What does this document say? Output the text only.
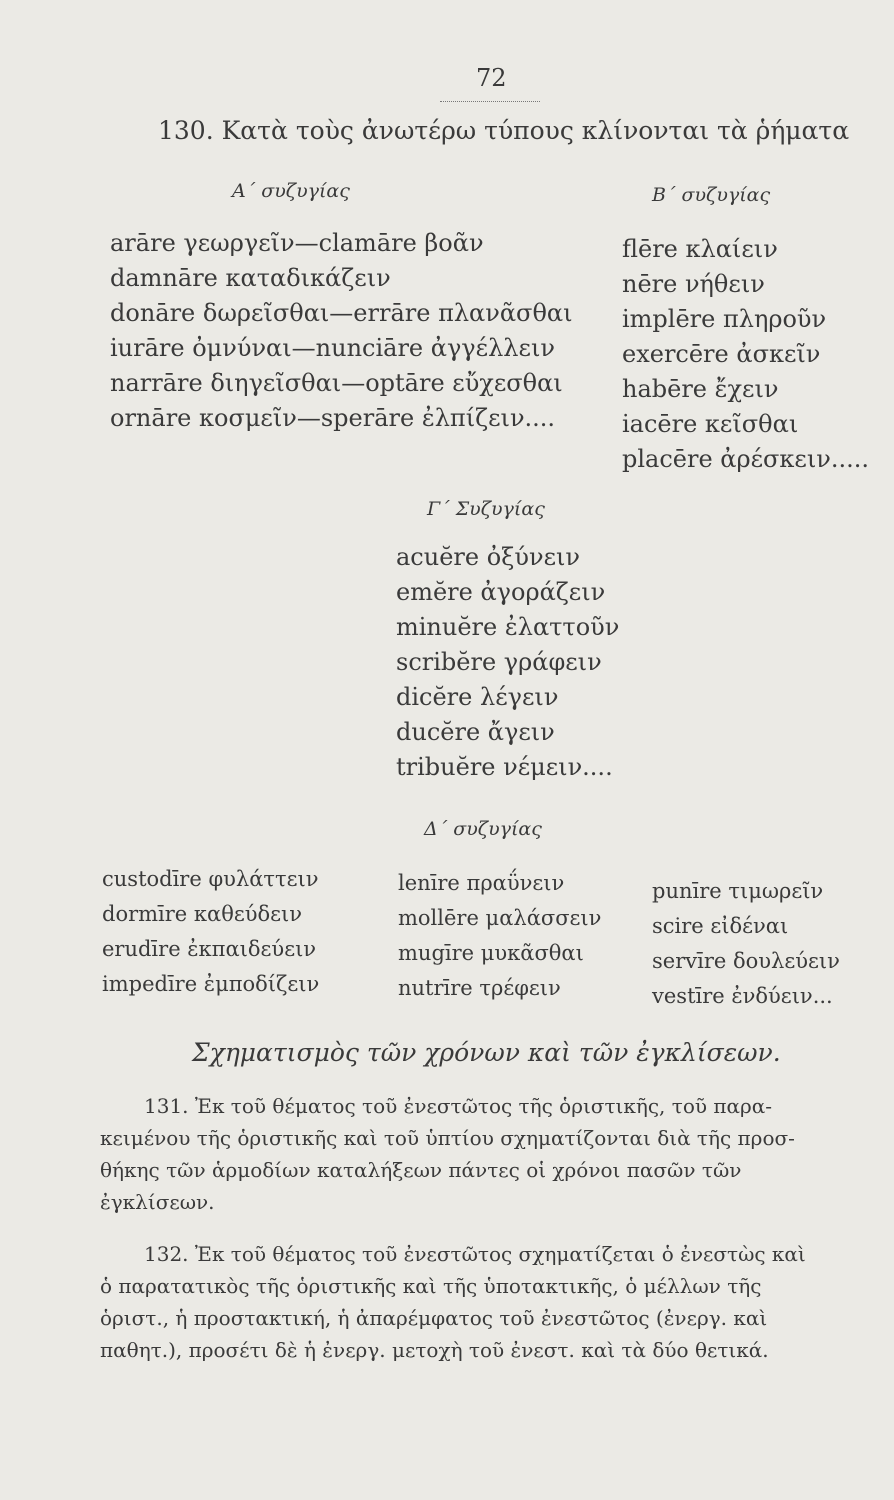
72
130. Κατὰ τοὺς ἀνωτέρω τύπους κλίνονται τὰ ῥήματα
Α΄ συζυγίας
arāre γεωργεῖν—clamāre βοᾶν
damnāre καταδικάζειν
donāre δωρεῖσθαι—errāre πλανᾶσθαι
iurāre ὀμνύναι—nunciāre ἀγγέλλειν
narrāre διηγεῖσθαι—optāre εὔχεσθαι
ornāre κοσμεῖν—sperāre ἐλπίζειν....
Β΄ συζυγίας
flēre κλαίειν
nēre νήθειν
implēre πληροῦν
exercēre ἀσκεῖν
habēre ἔχειν
iacēre κεῖσθαι
placēre ἀρέσκειν.....
Γ΄ Συζυγίας
acuĕre ὀξύνειν
emĕre ἀγοράζειν
minuĕre ἐλαττοῦν
scribĕre γράφειν
dicĕre λέγειν
ducĕre ἄγειν
tribuĕre νέμειν....
Δ΄ συζυγίας
custodīre φυλάττειν
dormīre καθεύδειν
erudīre ἐκπαιδεύειν
impedīre ἐμποδίζειν
lenīre πραΰνειν
mollēre μαλάσσειν
mugīre μυκᾶσθαι
nutrīre τρέφειν
punīre τιμωρεῖν
scire εἰδέναι
servīre δουλεύειν
vestīre ἐνδύειν...
Σχηματισμὸς τῶν χρόνων καὶ τῶν ἐγκλίσεων.
131. Ἐκ τοῦ θέματος τοῦ ἐνεστῶτος τῆς ὁριστικῆς, τοῦ παρα-
κειμένου τῆς ὁριστικῆς καὶ τοῦ ὑπτίου σχηματίζονται διὰ τῆς προσ-
θήκης τῶν ἁρμοδίων καταλήξεων πάντες οἱ χρόνοι πασῶν τῶν
ἐγκλίσεων.
132. Ἐκ τοῦ θέματος τοῦ ἐνεστῶτος σχηματίζεται ὁ ἐνεστὼς καὶ
ὁ παρατατικὸς τῆς ὁριστικῆς καὶ τῆς ὑποτακτικῆς, ὁ μέλλων τῆς
ὁριστ., ἡ προστακτική, ἡ ἀπαρέμφατος τοῦ ἐνεστῶτος (ἐνεργ. καὶ
παθητ.), προσέτι δὲ ἡ ἐνεργ. μετοχὴ τοῦ ἐνεστ. καὶ τὰ δύο θετικά.
